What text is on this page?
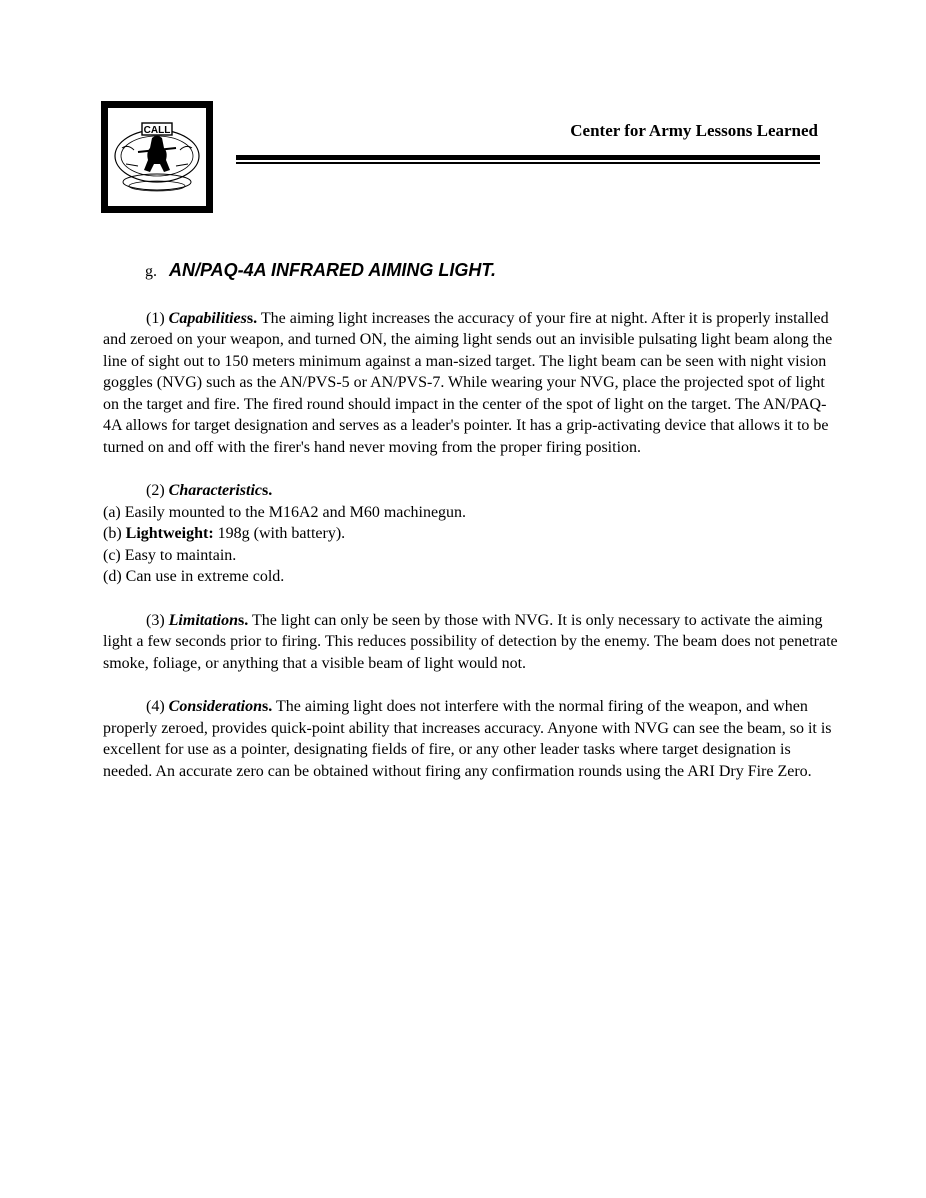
CALL	Center for Army Lessons Learned
g. AN/PAQ-4A INFRARED AIMING LIGHT.

(1) Capabilitiess. The aiming light increases the accuracy of your fire at night. After it is properly installed and zeroed on your weapon, and turned ON, the aiming light sends out an invisible pulsating light beam along the line of sight out to 150 meters minimum against a man-sized target. The light beam can be seen with night vision goggles (NVG) such as the AN/PVS-5 or AN/PVS-7. While wearing your NVG, place the projected spot of light on the target and fire. The fired round should impact in the center of the spot of light on the target. The AN/PAQ-4A allows for target designation and serves as a leader's pointer. It has a grip-activating device that allows it to be turned on and off with the firer's hand never moving from the proper firing position.

(2) Characteristics.

(a) Easily mounted to the M16A2 and M60 machinegun.

(b) Lightweight: 198g (with battery).

(c) Easy to maintain.

(d) Can use in extreme cold.

(3) Limitations. The light can only be seen by those with NVG. It is only necessary to activate the aiming light a few seconds prior to firing. This reduces possibility of detection by the enemy. The beam does not penetrate smoke, foliage, or anything that a visible beam of light would not.

(4) Considerations. The aiming light does not interfere with the normal firing of the weapon, and when properly zeroed, provides quick-point ability that increases accuracy. Anyone with NVG can see the beam, so it is excellent for use as a pointer, designating fields of fire, or any other leader tasks where target designation is needed. An accurate zero can be obtained without firing any confirmation rounds using the ARI Dry Fire Zero.
